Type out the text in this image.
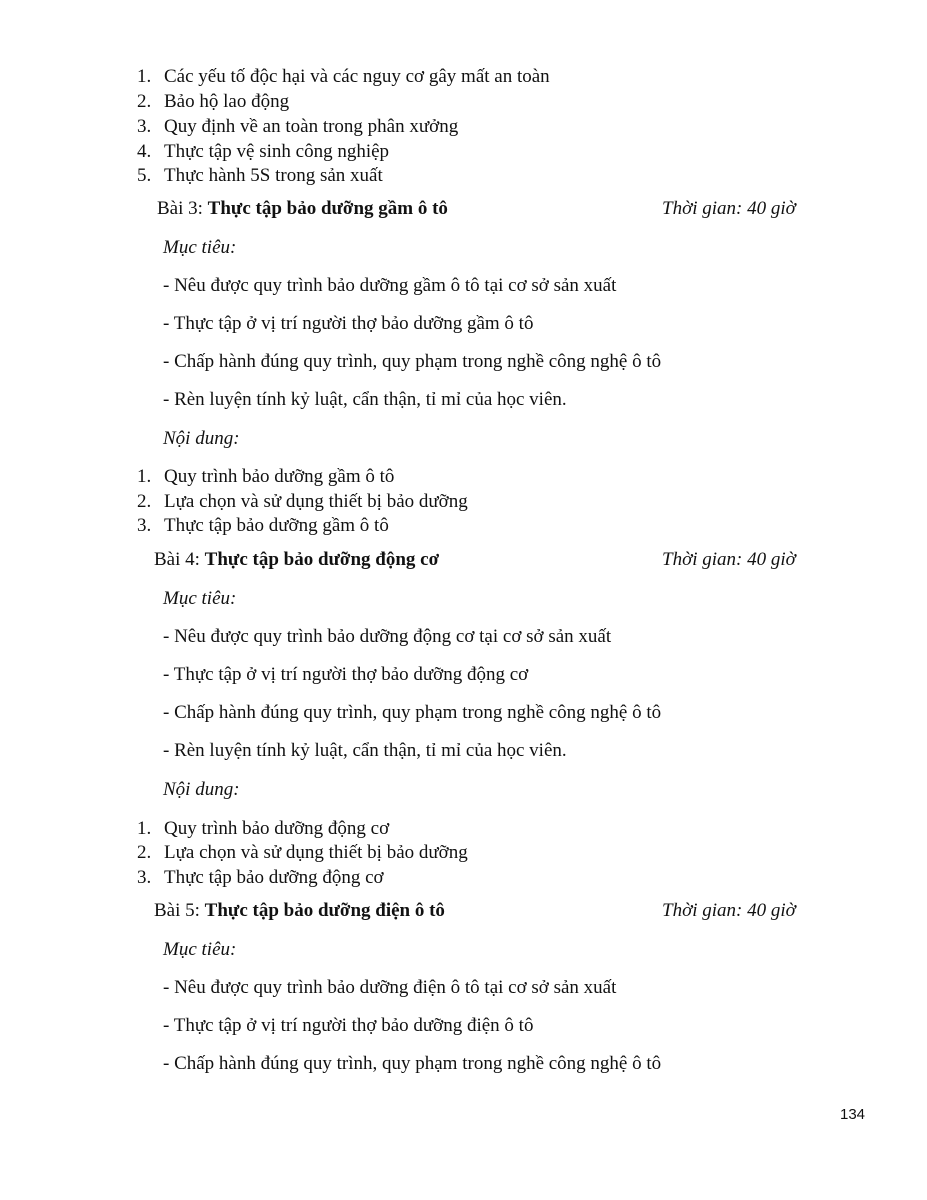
1. Các yếu tố độc hại và các nguy cơ gây mất an toàn
2. Bảo hộ lao động
3. Quy định về an toàn trong phân xưởng
4. Thực tập vệ sinh công nghiệp
5. Thực hành 5S trong sản xuất
Bài 3: Thực tập bảo dưỡng gầm ô tô	Thời gian: 40 giờ
Mục tiêu:
- Nêu được quy trình bảo dưỡng gầm ô tô tại cơ sở sản xuất
- Thực tập ở vị trí người thợ bảo dưỡng gầm ô tô
- Chấp hành đúng quy trình, quy phạm trong nghề công nghệ ô tô
- Rèn luyện tính kỷ luật, cẩn thận, tỉ mỉ của học viên.
Nội dung:
1. Quy trình bảo dưỡng gầm ô tô
2. Lựa chọn và sử dụng thiết bị bảo dưỡng
3. Thực tập bảo dưỡng gầm ô tô
Bài 4: Thực tập bảo dưỡng động cơ	Thời gian: 40 giờ
Mục tiêu:
- Nêu được quy trình bảo dưỡng động cơ tại cơ sở sản xuất
- Thực tập ở vị trí người thợ bảo dưỡng động cơ
- Chấp hành đúng quy trình, quy phạm trong nghề công nghệ ô tô
- Rèn luyện tính kỷ luật, cẩn thận, tỉ mỉ của học viên.
Nội dung:
1. Quy trình bảo dưỡng động cơ
2. Lựa chọn và sử dụng thiết bị bảo dưỡng
3. Thực tập bảo dưỡng động cơ
Bài 5: Thực tập bảo dưỡng điện ô tô	Thời gian: 40 giờ
Mục tiêu:
- Nêu được quy trình bảo dưỡng điện ô tô tại cơ sở sản xuất
- Thực tập ở vị trí người thợ bảo dưỡng điện ô tô
- Chấp hành đúng quy trình, quy phạm trong nghề công nghệ ô tô
134
